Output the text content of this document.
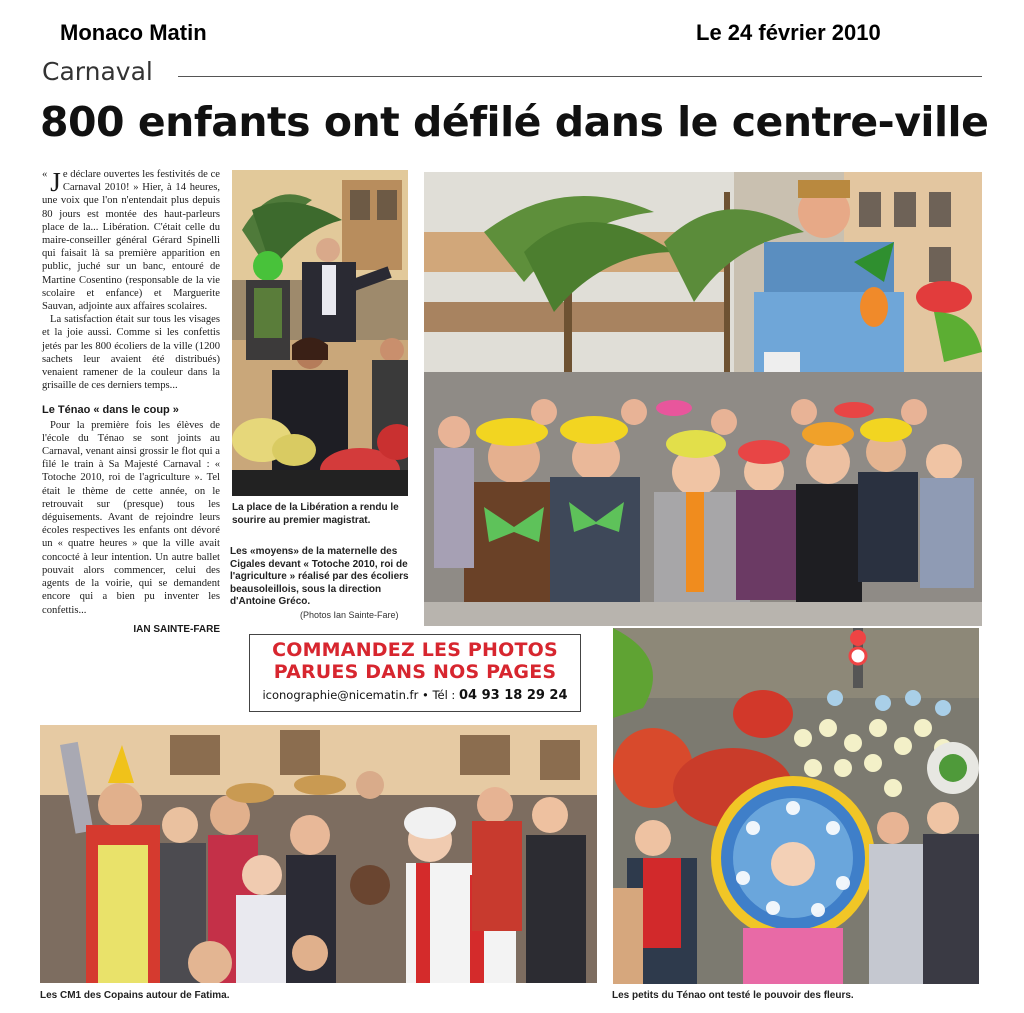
Monaco Matin	Le 24 février 2010
Carnaval
800 enfants ont défilé dans le centre-ville

« J e déclare ouvertes les festivités de ce Carnaval 2010! » Hier, à 14 heures, une voix que l'on n'entendait plus depuis 80 jours est montée des haut-parleurs place de la... Libération. C'était celle du maire-conseiller général Gérard Spinelli qui faisait là sa première apparition en public, juché sur un banc, entouré de Martine Cosentino (responsable de la vie scolaire et enfance) et Marguerite Sauvan, adjointe aux affaires scolaires.

La satisfaction était sur tous les visages et la joie aussi. Comme si les confettis jetés par les 800 écoliers de la ville (1200 sachets leur avaient été distribués) venaient ramener de la couleur dans la grisaille de ces derniers temps...

Le Ténao « dans le coup »

Pour la première fois les élèves de l'école du Ténao se sont joints au Carnaval, venant ainsi grossir le flot qui a filé le train à Sa Majesté Carnaval : « Totoche 2010, roi de l'agriculture ». Tel était le thème de cette année, on le retrouvait sur (presque) tous les déguisements. Avant de rejoindre leurs écoles respectives les enfants ont dévoré un « quatre heures » que la ville avait concocté à leur intention. Un autre ballet pouvait alors commencer, celui des agents de la voirie, qui se demandent encore qui a bien pu inventer les confettis...

IAN SAINTE-FARE

La place de la Libération a rendu le sourire au premier magistrat.
Les «moyens» de la maternelle des Cigales devant « Totoche 2010, roi de l'agriculture » réalisé par des écoliers beausoleillois, sous la direction d'Antoine Gréco.
(Photos Ian Sainte-Fare)
COMMANDEZ LES PHOTOS
PARUES DANS NOS PAGES
iconographie@nicematin.fr • Tél : 04 93 18 29 24
Les CM1 des Copains autour de Fatima.	Les petits du Ténao ont testé le pouvoir des fleurs.
